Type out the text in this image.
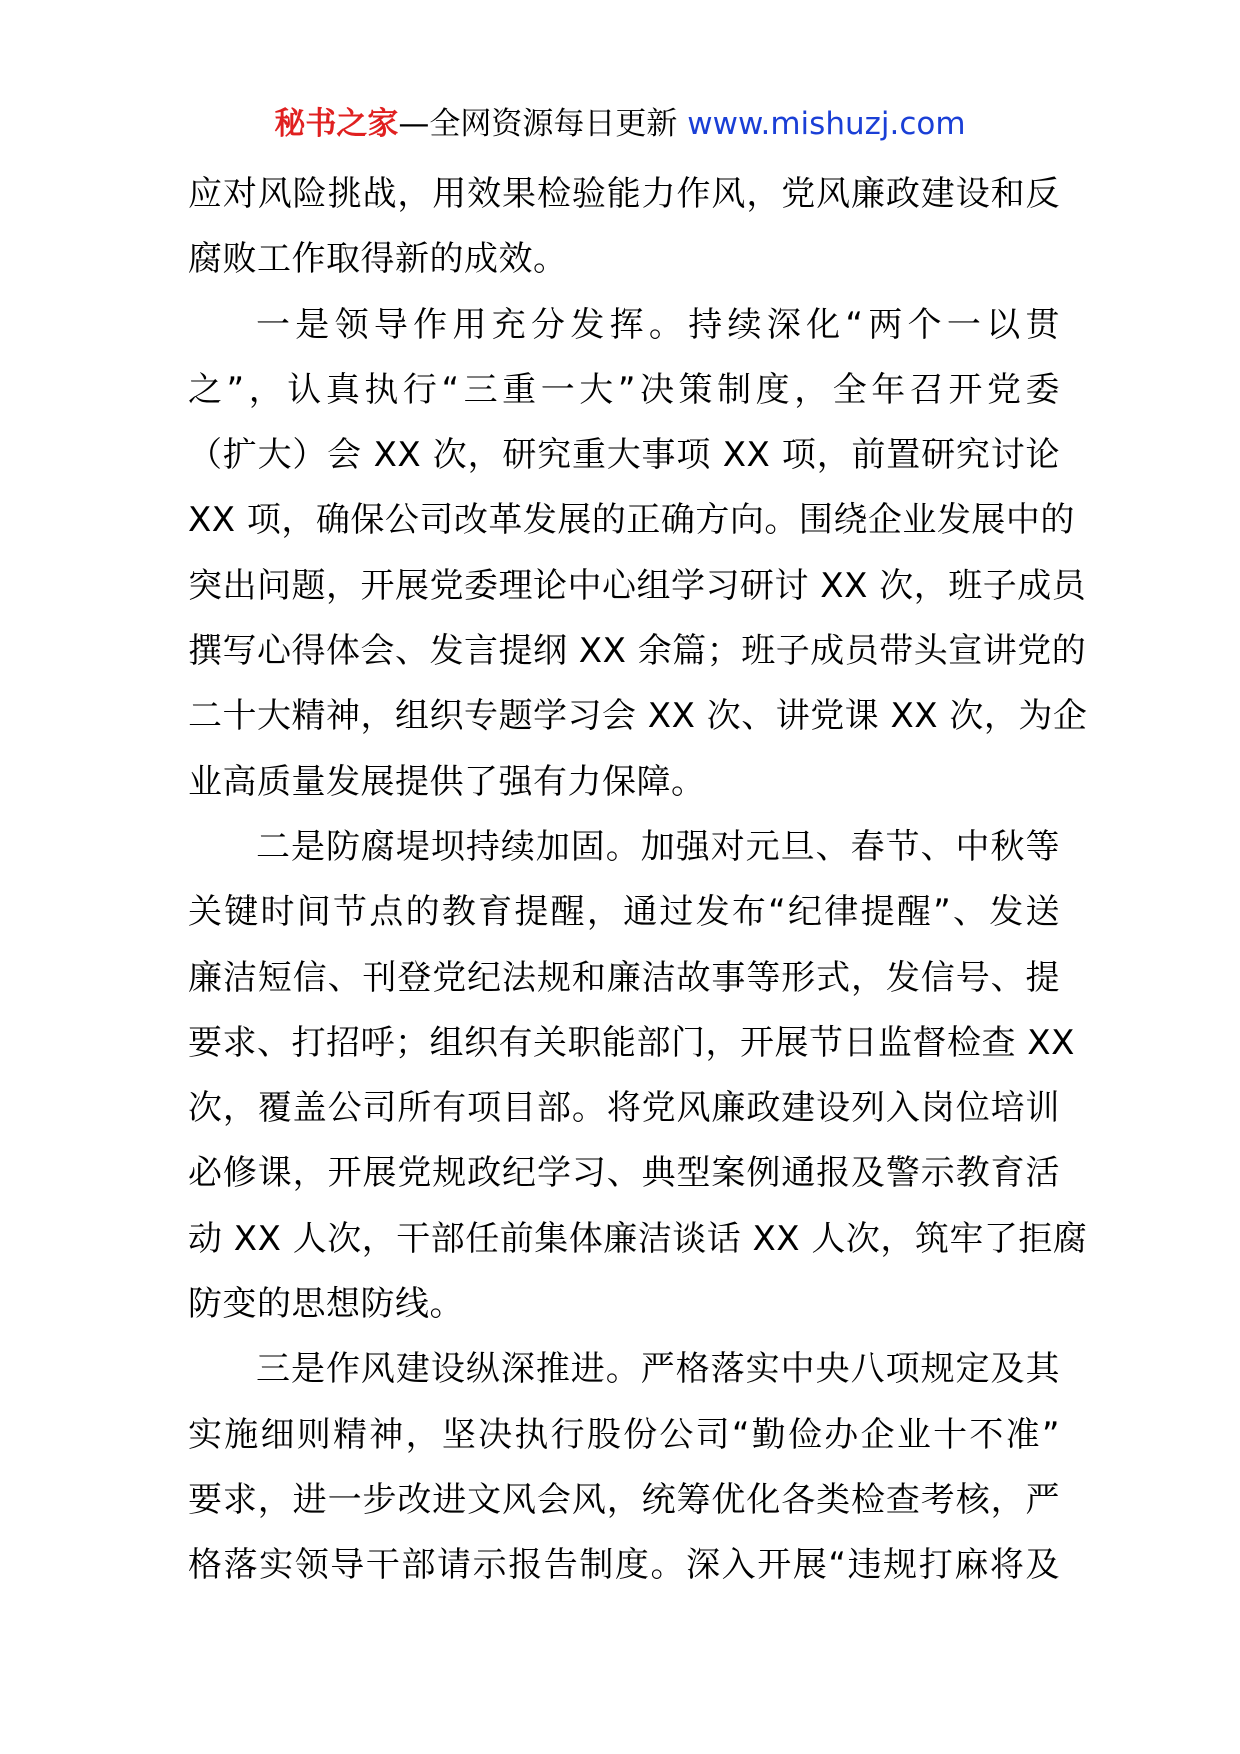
秘书之家—全网资源每日更新 www.mishuzj.com
应对风险挑战，用效果检验能力作风，党风廉政建设和反
腐败工作取得新的成效。
一是领导作用充分发挥。持续深化“两个一以贯
之”，认真执行“三重一大”决策制度，全年召开党委
（扩大）会 XX 次，研究重大事项 XX 项，前置研究讨论
XX 项，确保公司改革发展的正确方向。围绕企业发展中的
突出问题，开展党委理论中心组学习研讨 XX 次，班子成员
撰写心得体会、发言提纲 XX 余篇；班子成员带头宣讲党的
二十大精神，组织专题学习会 XX 次、讲党课 XX 次，为企
业高质量发展提供了强有力保障。
二是防腐堤坝持续加固。加强对元旦、春节、中秋等
关键时间节点的教育提醒，通过发布“纪律提醒”、发送
廉洁短信、刊登党纪法规和廉洁故事等形式，发信号、提
要求、打招呼；组织有关职能部门，开展节日监督检查 XX
次，覆盖公司所有项目部。将党风廉政建设列入岗位培训
必修课，开展党规政纪学习、典型案例通报及警示教育活
动 XX 人次，干部任前集体廉洁谈话 XX 人次，筑牢了拒腐
防变的思想防线。
三是作风建设纵深推进。严格落实中央八项规定及其
实施细则精神，坚决执行股份公司“勤俭办企业十不准”
要求，进一步改进文风会风，统筹优化各类检查考核，严
格落实领导干部请示报告制度。深入开展“违规打麻将及
